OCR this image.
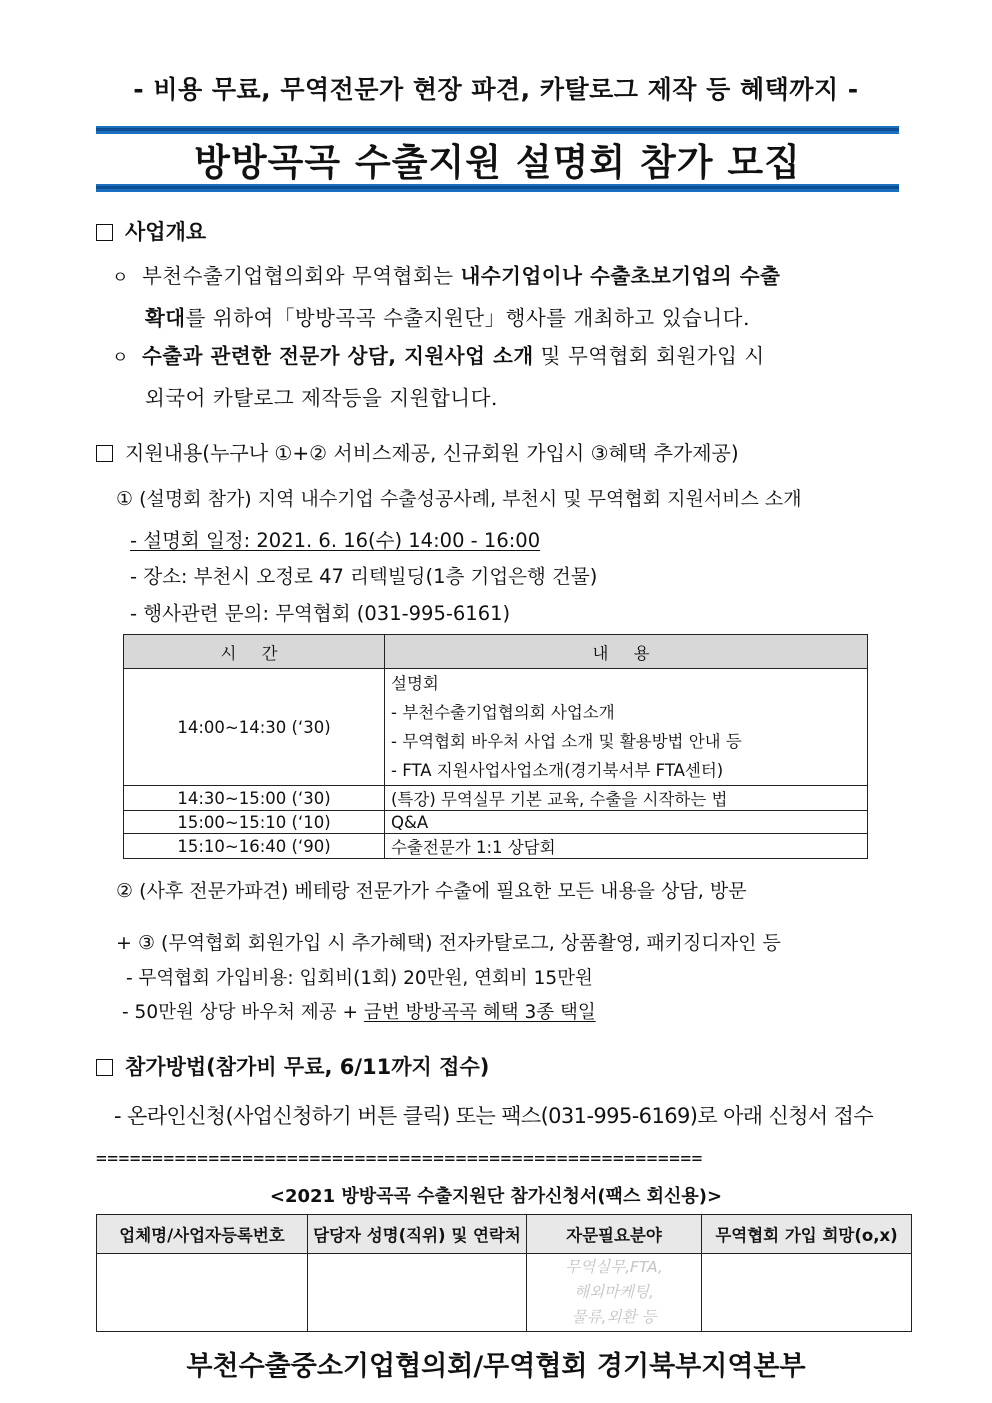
- 비용 무료, 무역전문가 현장 파견, 카탈로그 제작 등 혜택까지 -
방방곡곡 수출지원 설명회 참가 모집
사업개요
ㅇ 부천수출기업협의회와 무역협회는 내수기업이나 수출초보기업의 수출
확대를 위하여「방방곡곡 수출지원단」행사를 개최하고 있습니다.
ㅇ 수출과 관련한 전문가 상담, 지원사업 소개 및 무역협회 회원가입 시
외국어 카탈로그 제작등을 지원합니다.
지원내용(누구나 ①+② 서비스제공, 신규회원 가입시 ③혜택 추가제공)
① (설명회 참가) 지역 내수기업 수출성공사례, 부천시 및 무역협회 지원서비스 소개
- 설명회 일정: 2021. 6. 16(수) 14:00 - 16:00
- 장소: 부천시 오정로 47 리텍빌딩(1층 기업은행 건물)
- 행사관련 문의: 무역협회 (031-995-6161)
시 간	내 용
14:00~14:30 (‘30)	설명회
- 부천수출기업협의회 사업소개
- 무역협회 바우처 사업 소개 및 활용방법 안내 등
- FTA 지원사업사업소개(경기북서부 FTA센터)

14:30~15:00 (‘30)	(특강) 무역실무 기본 교육, 수출을 시작하는 법
15:00~15:10 (‘10)	Q&A
15:10~16:40 (‘90)	수출전문가 1:1 상담회
② (사후 전문가파견) 베테랑 전문가가 수출에 필요한 모든 내용을 상담, 방문
+ ③ (무역협회 회원가입 시 추가혜택) 전자카탈로그, 상품촬영, 패키징디자인 등
- 무역협회 가입비용: 입회비(1회) 20만원, 연회비 15만원
- 50만원 상당 바우처 제공 + 금번 방방곡곡 혜택 3종 택일
참가방법(참가비 무료, 6/11까지 접수)
- 온라인신청(사업신청하기 버튼 클릭) 또는 팩스(031-995-6169)로 아래 신청서 접수
======================================================
<2021 방방곡곡 수출지원단 참가신청서(팩스 회신용)>
업체명/사업자등록번호	담당자 성명(직위) 및 연락처	자문필요분야	무역협회 가입 희망(o,x)

		무역실무,FTA,
해외마케팅,
물류,외환 등	

부천수출중소기업협의회/무역협회 경기북부지역본부
